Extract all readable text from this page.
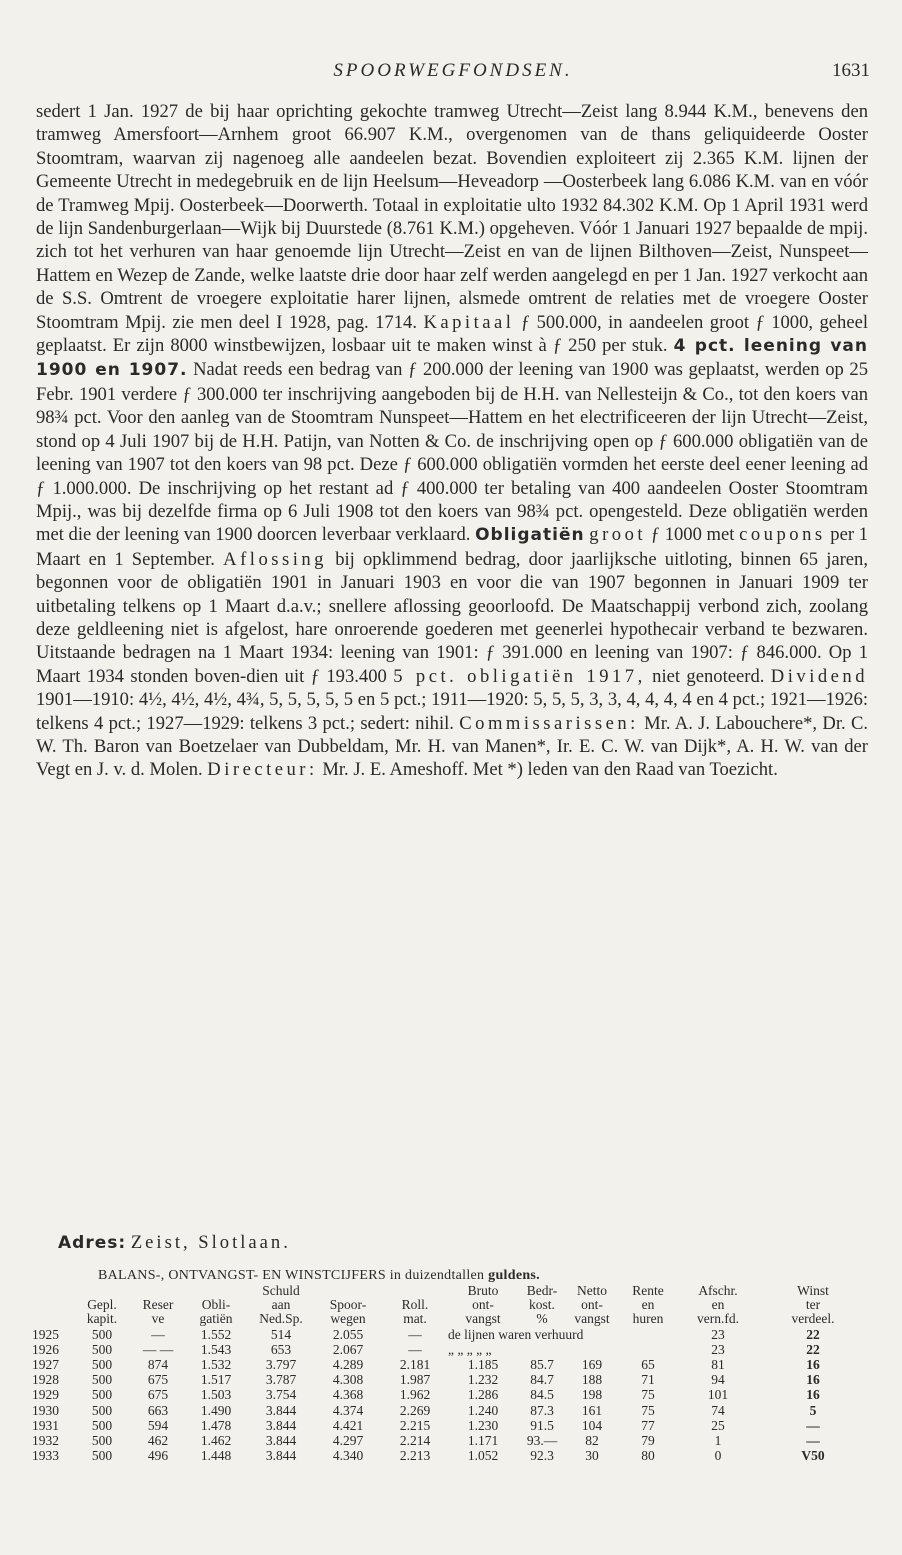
SPOORWEGFONDSEN.	1631

sedert 1 Jan. 1927 de bij haar oprichting gekochte tramweg Utrecht—Zeist lang 8.944 K.M., benevens den tramweg Amersfoort—Arnhem groot 66.907 K.M., overgenomen van de thans geliquideerde Ooster Stoomtram, waarvan zij nagenoeg alle aandeelen bezat. Bovendien exploiteert zij 2.365 K.M. lijnen der Gemeente Utrecht in medegebruik en de lijn Heelsum—Heveadorp —Oosterbeek lang 6.086 K.M. van en vóór de Tramweg Mpij. Oosterbeek—Doorwerth. Totaal in exploitatie ulto 1932 84.302 K.M. Op 1 April 1931 werd de lijn Sandenburgerlaan—Wijk bij Duurstede (8.761 K.M.) opgeheven. Vóór 1 Januari 1927 bepaalde de mpij. zich tot het verhuren van haar genoemde lijn Utrecht—Zeist en van de lijnen Bilthoven—Zeist, Nunspeet—Hattem en Wezep de Zande, welke laatste drie door haar zelf werden aangelegd en per 1 Jan. 1927 verkocht aan de S.S. Omtrent de vroegere exploitatie harer lijnen, alsmede omtrent de relaties met de vroegere Ooster Stoomtram Mpij. zie men deel I 1928, pag. 1714. Kapitaal ƒ 500.000, in aandeelen groot ƒ 1000, geheel geplaatst. Er zijn 8000 winstbewijzen, losbaar uit te maken winst à ƒ 250 per stuk. 4 pct. leening van 1900 en 1907. Nadat reeds een bedrag van ƒ 200.000 der leening van 1900 was geplaatst, werden op 25 Febr. 1901 verdere ƒ 300.000 ter inschrijving aangeboden bij de H.H. van Nellesteijn & Co., tot den koers van 98¾ pct. Voor den aanleg van de Stoomtram Nunspeet—Hattem en het electrificeeren der lijn Utrecht—Zeist, stond op 4 Juli 1907 bij de H.H. Patijn, van Notten & Co. de inschrijving open op ƒ 600.000 obligatiën van de leening van 1907 tot den koers van 98 pct. Deze ƒ 600.000 obligatiën vormden het eerste deel eener leening ad ƒ 1.000.000. De inschrijving op het restant ad ƒ 400.000 ter betaling van 400 aandeelen Ooster Stoomtram Mpij., was bij dezelfde firma op 6 Juli 1908 tot den koers van 98¾ pct. opengesteld. Deze obligatiën werden met die der leening van 1900 doorcen leverbaar verklaard. Obligatiën groot ƒ 1000 met coupons per 1 Maart en 1 September. Aflossing bij opklimmend bedrag, door jaarlijksche uitloting, binnen 65 jaren, begonnen voor de obligatiën 1901 in Januari 1903 en voor die van 1907 begonnen in Januari 1909 ter uitbetaling telkens op 1 Maart d.a.v.; snellere aflossing geoorloofd. De Maatschappij verbond zich, zoolang deze geldleening niet is afgelost, hare onroerende goederen met geenerlei hypothecair verband te bezwaren. Uitstaande bedragen na 1 Maart 1934: leening van 1901: ƒ 391.000 en leening van 1907: ƒ 846.000. Op 1 Maart 1934 stonden boven-dien uit ƒ 193.400 5 pct. obligatiën 1917, niet genoteerd. Dividend 1901—1910: 4½, 4½, 4½, 4¾, 5, 5, 5, 5, 5 en 5 pct.; 1911—1920: 5, 5, 5, 3, 3, 4, 4, 4, 4 en 4 pct.; 1921—1926: telkens 4 pct.; 1927—1929: telkens 3 pct.; sedert: nihil. Commissarissen: Mr. A. J. Labouchere*, Dr. C. W. Th. Baron van Boetzelaer van Dubbeldam, Mr. H. van Manen*, Ir. E. C. W. van Dijk*, A. H. W. van der Vegt en J. v. d. Molen. Directeur: Mr. J. E. Ameshoff. Met *) leden van den Raad van Toezicht.

Adres: Zeist, Slotlaan.
BALANS-, ONTVANGST- EN WINSTCIJFERS in duizendtallen guldens.
				Schuld			Bruto	Bedr-	Netto	Rente	Afschr.	Winst
	Gepl.	Reser	Obli-	aan	Spoor-	Roll.	ont-	kost.	ont-	en	en	ter
	kapit.	ve	gatiën	Ned.Sp.	wegen	mat.	vangst	%	vangst	huren	vern.fd.	verdeel.
1925	500	—	1.552	514	2.055	—	de lijnen waren verhuurd				23	22
1926	500	— —	1.543	653	2.067	—	„ „ „ „ „				23	22
1927	500	874	1.532	3.797	4.289	2.181	1.185	85.7	169	65	81	16
1928	500	675	1.517	3.787	4.308	1.987	1.232	84.7	188	71	94	16
1929	500	675	1.503	3.754	4.368	1.962	1.286	84.5	198	75	101	16
1930	500	663	1.490	3.844	4.374	2.269	1.240	87.3	161	75	74	5
1931	500	594	1.478	3.844	4.421	2.215	1.230	91.5	104	77	25	—
1932	500	462	1.462	3.844	4.297	2.214	1.171	93.—	82	79	1	—
1933	500	496	1.448	3.844	4.340	2.213	1.052	92.3	30	80	0	V50
